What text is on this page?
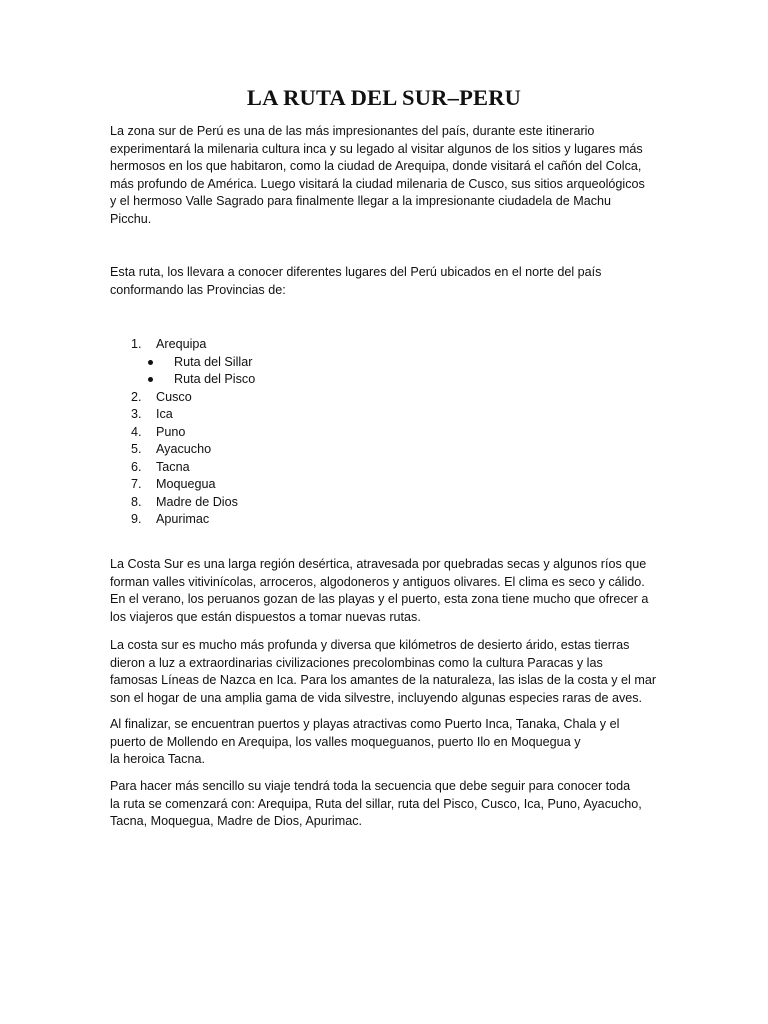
LA RUTA DEL SUR–PERU

La zona sur de Perú es una de las más impresionantes del país, durante este itinerario
experimentará la milenaria cultura inca y su legado al visitar algunos de los sitios y lugares más
hermosos en los que habitaron, como la ciudad de Arequipa, donde visitará el cañón del Colca,
más profundo de América. Luego visitará la ciudad milenaria de Cusco, sus sitios arqueológicos
y el hermoso Valle Sagrado para finalmente llegar a la impresionante ciudadela de Machu
Picchu.

Esta ruta, los llevara a conocer diferentes lugares del Perú ubicados en el norte del país
conformando las Provincias de:

1.	Arequipa
Ruta del Sillar
Ruta del Pisco
2.	Cusco
3.	Ica
4.	Puno
5.	Ayacucho
6.	Tacna
7.	Moquegua
8.	Madre de Dios
9.	Apurimac

La Costa Sur es una larga región desértica, atravesada por quebradas secas y algunos ríos que
forman valles vitivinícolas, arroceros, algodoneros y antiguos olivares. El clima es seco y cálido.
En el verano, los peruanos gozan de las playas y el puerto, esta zona tiene mucho que ofrecer a
los viajeros que están dispuestos a tomar nuevas rutas.

La costa sur es mucho más profunda y diversa que kilómetros de desierto árido, estas tierras
dieron a luz a extraordinarias civilizaciones precolombinas como la cultura Paracas y las
famosas Líneas de Nazca en Ica. Para los amantes de la naturaleza, las islas de la costa y el mar
son el hogar de una amplia gama de vida silvestre, incluyendo algunas especies raras de aves.

Al finalizar, se encuentran puertos y playas atractivas como Puerto Inca, Tanaka, Chala y el
puerto de Mollendo en Arequipa, los valles moqueguanos, puerto Ilo en Moquegua y
la heroica Tacna.

Para hacer más sencillo su viaje tendrá toda la secuencia que debe seguir para conocer toda
la ruta se comenzará con: Arequipa, Ruta del sillar, ruta del Pisco, Cusco, Ica, Puno, Ayacucho,
Tacna, Moquegua, Madre de Dios, Apurimac.
